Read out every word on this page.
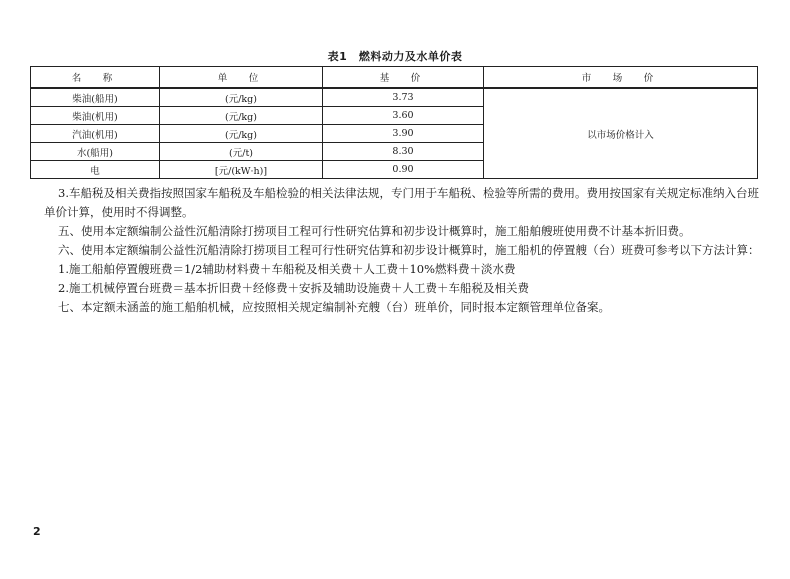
表1　燃料动力及水单价表
名　称	单　位	基　价	市　场　价
柴油(船用)	(元/kg)	3.73	以市场价格计入
柴油(机用)	(元/kg)	3.60	
汽油(机用)	(元/kg)	3.90	
水(船用)	(元/t)	8.30	
电	[元/(kW·h)]	0.90	

3.车船税及相关费指按照国家车船税及车船检验的相关法律法规，专门用于车船税、检验等所需的费用。费用按国家有关规定标准纳入台班单价计算，使用时不得调整。

五、使用本定额编制公益性沉船清除打捞项目工程可行性研究估算和初步设计概算时，施工船舶艘班使用费不计基本折旧费。

六、使用本定额编制公益性沉船清除打捞项目工程可行性研究估算和初步设计概算时，施工船机的停置艘（台）班费可参考以下方法计算：

1.施工船舶停置艘班费＝1/2辅助材料费＋车船税及相关费＋人工费＋10%燃料费＋淡水费

2.施工机械停置台班费＝基本折旧费＋经修费＋安拆及辅助设施费＋人工费＋车船税及相关费

七、本定额未涵盖的施工船舶机械，应按照相关规定编制补充艘（台）班单价，同时报本定额管理单位备案。

2
